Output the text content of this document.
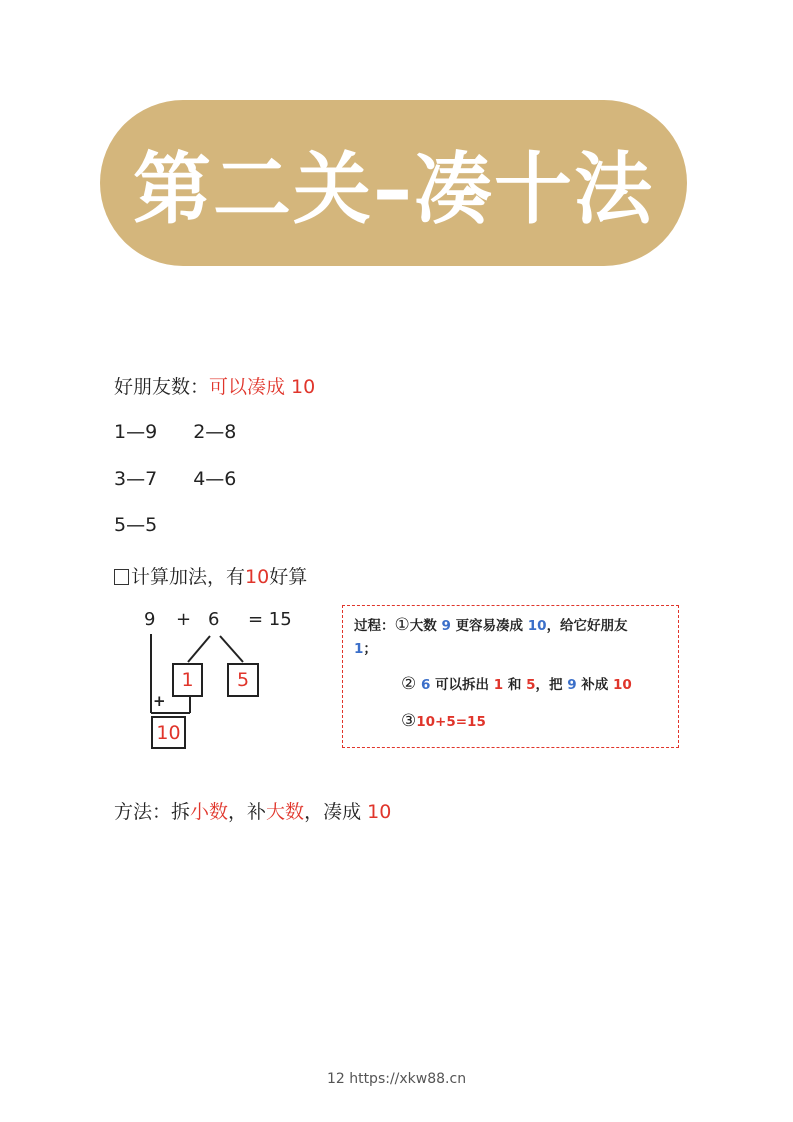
第二关–凑十法
好朋友数：可以凑成 10
1—9 2—8
3—7 4—6
5—5
计算加法，有10好算
9 + 6 = 15
1	5
+
10
过程：①大数 9 更容易凑成 10，给它好朋友
1；
② 6 可以拆出 1 和 5，把 9 补成 10
③10+5=15
方法：拆小数，补大数，凑成 10
12 https://xkw88.cn
